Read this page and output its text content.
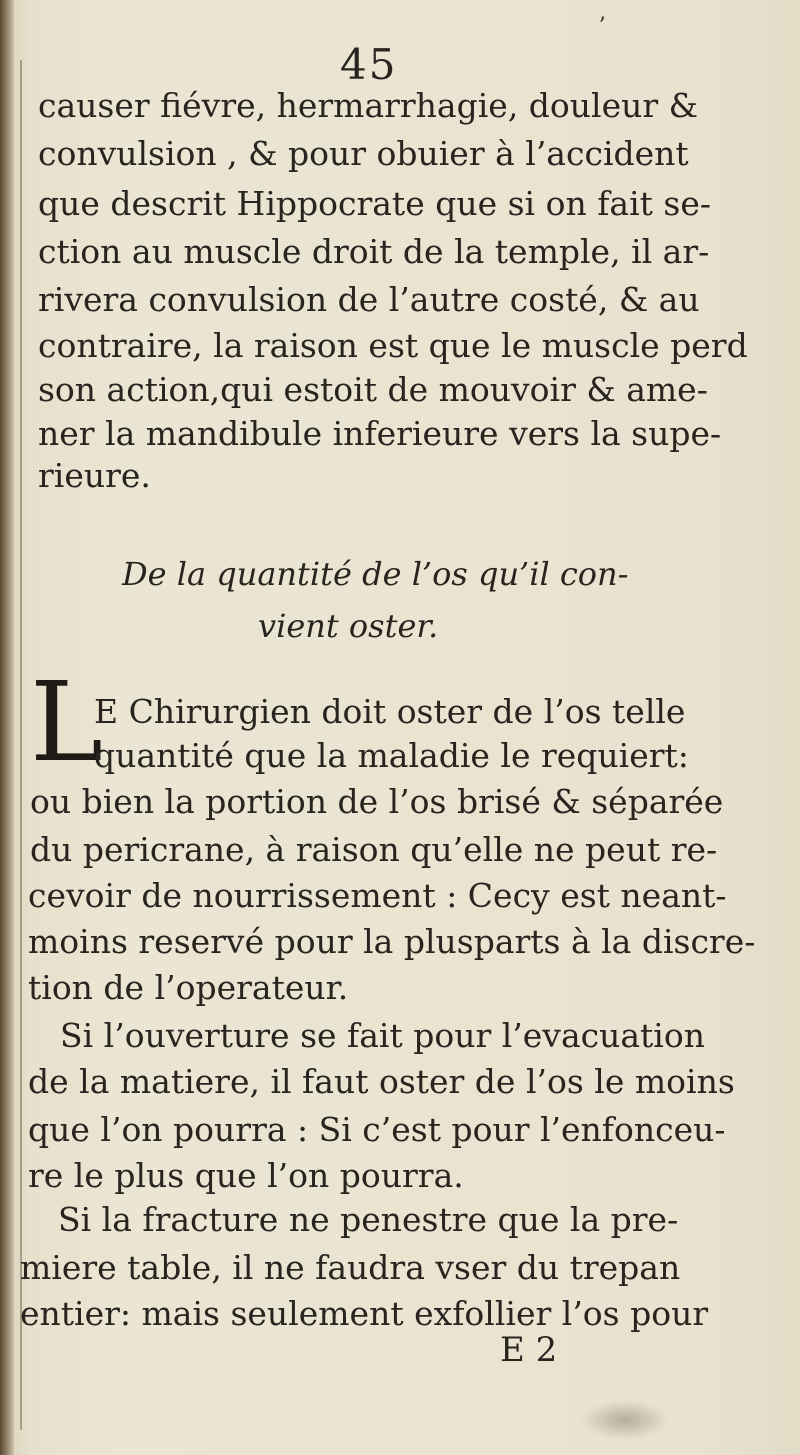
ʼ
45
causer fiévre, hermarrhagie, douleur &
convulsion , & pour obuier à l’accident
que descrit Hippocrate que si on fait se-
ction au muscle droit de la temple, il ar-
rivera convulsion de l’autre costé, & au
contraire, la raison est que le muscle perd
son action,qui estoit de mouvoir & ame-
ner la mandibule inferieure vers la supe-
rieure.
De la quantité de l’os qu’il con-
vient oster.
L
E Chirurgien doit oster de l’os telle
quantité que la maladie le requiert:
ou bien la portion de l’os brisé & séparée
du pericrane, à raison qu’elle ne peut re-
cevoir de nourrissement : Cecy est neant-
moins reservé pour la plusparts à la discre-
tion de l’operateur.
Si l’ouverture se fait pour l’evacuation
de la matiere, il faut oster de l’os le moins
que l’on pourra : Si c’est pour l’enfonceu-
re le plus que l’on pourra.
Si la fracture ne penestre que la pre-
miere table, il ne faudra vser du trepan
entier: mais seulement exfollier l’os pour
E 2
